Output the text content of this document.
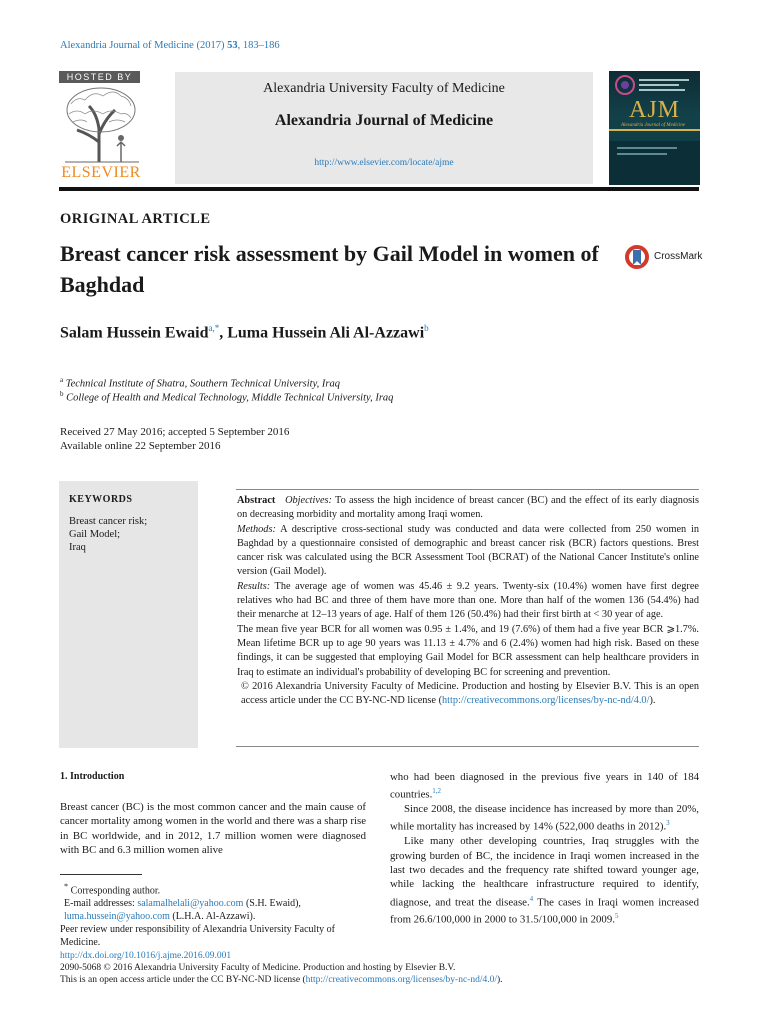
Alexandria Journal of Medicine (2017) 53, 183–186
HOSTED BY
ELSEVIER
Alexandria University Faculty of Medicine
Alexandria Journal of Medicine
http://www.elsevier.com/locate/ajme
AJM
Alexandria Journal of Medicine
ORIGINAL ARTICLE
Breast cancer risk assessment by Gail Model in women of Baghdad
CrossMark
Salam Hussein Ewaid$^{a,*}$, Luma Hussein Ali Al-Azzawi$^b$
$^a$ Technical Institute of Shatra, Southern Technical University, Iraq
$^b$ College of Health and Medical Technology, Middle Technical University, Iraq
Received 27 May 2016; accepted 5 September 2016
Available online 22 September 2016
KEYWORDS
Breast cancer risk;
Gail Model;
Iraq
Abstract Objectives: To assess the high incidence of breast cancer (BC) and the effect of its early diagnosis on decreasing morbidity and mortality among Iraqi women.
Methods: A descriptive cross-sectional study was conducted and data were collected from 250 women in Baghdad by a questionnaire consisted of demographic and breast cancer risk (BCR) factors questions. Brest cancer risk was calculated using the BCR Assessment Tool (BCRAT) of the National Cancer Institute's online version (Gail Model).
Results: The average age of women was 45.46 ± 9.2 years. Twenty-six (10.4%) women have first degree relatives who had BC and three of them have more than one. More than half of the women 136 (54.4%) had their menarche at 12–13 years of age. Half of them 126 (50.4%) had their first birth at < 30 year of age.
The mean five year BCR for all women was 0.95 ± 1.4%, and 19 (7.6%) of them had a five year BCR ⩾1.7%. Mean lifetime BCR up to age 90 years was 11.13 ± 4.7% and 6 (2.4%) women had high risk. Based on these findings, it can be suggested that employing Gail Model for BCR assessment can help healthcare providers in Iraq to estimate an individual's probability of developing BC for screening and prevention.
© 2016 Alexandria University Faculty of Medicine. Production and hosting by Elsevier B.V. This is an open access article under the CC BY-NC-ND license (http://creativecommons.org/licenses/by-nc-nd/4.0/).
1. Introduction
Breast cancer (BC) is the most common cancer and the main cause of cancer mortality among women in the world and there was a sharp rise in BC worldwide, and in 2012, 1.7 million women were diagnosed with BC and 6.3 million women alive
who had been diagnosed in the previous five years in 140 of 184 countries.$^{1,2}$
Since 2008, the disease incidence has increased by more than 20%, while mortality has increased by 14% (522,000 deaths in 2012).$^3$
Like many other developing countries, Iraq struggles with the growing burden of BC, the incidence in Iraqi women increased in the last two decades and the frequency rate shifted toward younger age, while lacking the healthcare infrastructure required to identify, diagnose, and treat the disease.$^4$ The cases in Iraqi women increased from 26.6/100,000 in 2000 to 31.5/100,000 in 2009.$^5$
* Corresponding author.
E-mail addresses: salamalhelali@yahoo.com (S.H. Ewaid), luma.hussein@yahoo.com (L.H.A. Al-Azzawi).
Peer review under responsibility of Alexandria University Faculty of Medicine.
http://dx.doi.org/10.1016/j.ajme.2016.09.001
2090-5068 © 2016 Alexandria University Faculty of Medicine. Production and hosting by Elsevier B.V.
This is an open access article under the CC BY-NC-ND license (http://creativecommons.org/licenses/by-nc-nd/4.0/).
